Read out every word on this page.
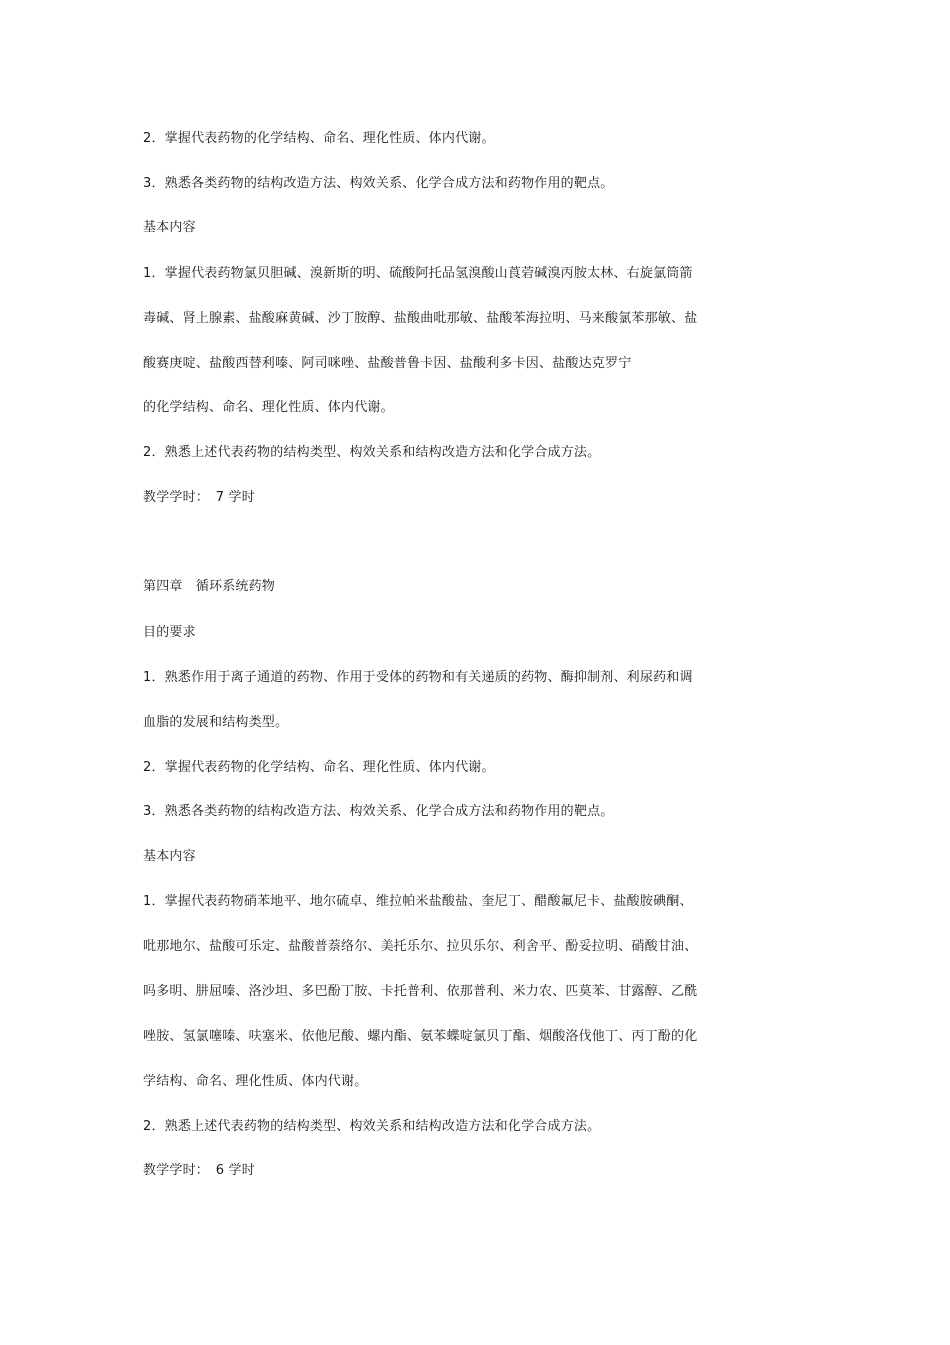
2．掌握代表药物的化学结构、命名、理化性质、体内代谢。
3．熟悉各类药物的结构改造方法、构效关系、化学合成方法和药物作用的靶点。
基本内容
1．掌握代表药物氯贝胆碱、溴新斯的明、硫酸阿托品氢溴酸山莨菪碱溴丙胺太林、右旋氯筒箭
毒碱、肾上腺素、盐酸麻黄碱、沙丁胺醇、盐酸曲吡那敏、盐酸苯海拉明、马来酸氯苯那敏、盐
酸赛庚啶、盐酸西替利嗪、阿司咪唑、盐酸普鲁卡因、盐酸利多卡因、盐酸达克罗宁
的化学结构、命名、理化性质、体内代谢。
2．熟悉上述代表药物的结构类型、构效关系和结构改造方法和化学合成方法。
教学学时：　7 学时
第四章　循环系统药物
目的要求
1．熟悉作用于离子通道的药物、作用于受体的药物和有关递质的药物、酶抑制剂、利尿药和调
血脂的发展和结构类型。
2．掌握代表药物的化学结构、命名、理化性质、体内代谢。
3．熟悉各类药物的结构改造方法、构效关系、化学合成方法和药物作用的靶点。
基本内容
1．掌握代表药物硝苯地平、地尔硫卓、维拉帕米盐酸盐、奎尼丁、醋酸氟尼卡、盐酸胺碘酮、
吡那地尔、盐酸可乐定、盐酸普萘络尔、美托乐尔、拉贝乐尔、利舍平、酚妥拉明、硝酸甘油、
吗多明、肼屈嗪、洛沙坦、多巴酚丁胺、卡托普利、依那普利、米力农、匹莫苯、甘露醇、乙酰
唑胺、氢氯噻嗪、呋塞米、依他尼酸、螺内酯、氨苯蝶啶氯贝丁酯、烟酸洛伐他丁、丙丁酚的化
学结构、命名、理化性质、体内代谢。
2．熟悉上述代表药物的结构类型、构效关系和结构改造方法和化学合成方法。
教学学时：　6 学时
